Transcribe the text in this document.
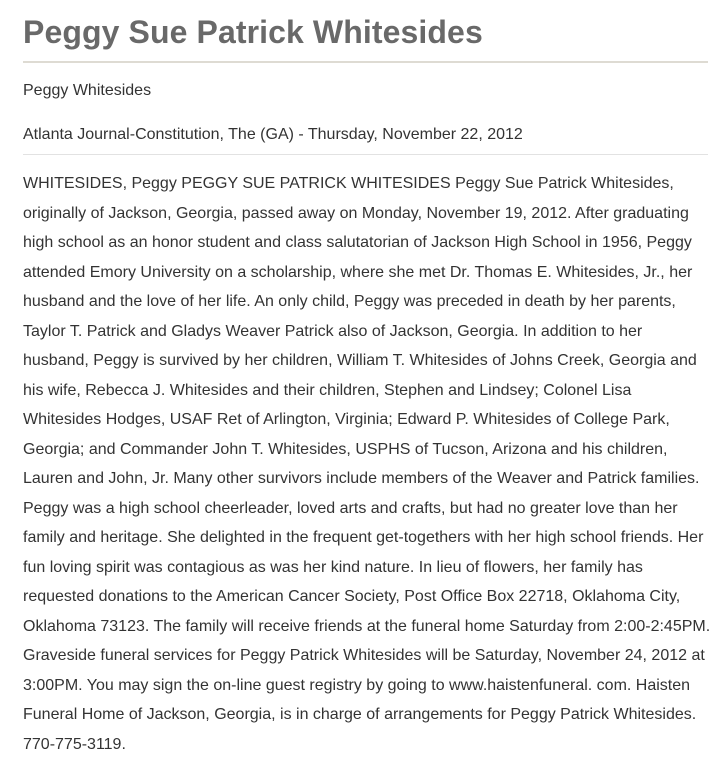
Peggy Sue Patrick Whitesides

Peggy Whitesides

Atlanta Journal-Constitution, The (GA) - Thursday, November 22, 2012

WHITESIDES, Peggy PEGGY SUE PATRICK WHITESIDES Peggy Sue Patrick Whitesides, originally of Jackson, Georgia, passed away on Monday, November 19, 2012. After graduating high school as an honor student and class salutatorian of Jackson High School in 1956, Peggy attended Emory University on a scholarship, where she met Dr. Thomas E. Whitesides, Jr., her husband and the love of her life. An only child, Peggy was preceded in death by her parents, Taylor T. Patrick and Gladys Weaver Patrick also of Jackson, Georgia. In addition to her husband, Peggy is survived by her children, William T. Whitesides of Johns Creek, Georgia and his wife, Rebecca J. Whitesides and their children, Stephen and Lindsey; Colonel Lisa Whitesides Hodges, USAF Ret of Arlington, Virginia; Edward P. Whitesides of College Park, Georgia; and Commander John T. Whitesides, USPHS of Tucson, Arizona and his children, Lauren and John, Jr. Many other survivors include members of the Weaver and Patrick families. Peggy was a high school cheerleader, loved arts and crafts, but had no greater love than her family and heritage. She delighted in the frequent get-togethers with her high school friends. Her fun loving spirit was contagious as was her kind nature. In lieu of flowers, her family has requested donations to the American Cancer Society, Post Office Box 22718, Oklahoma City, Oklahoma 73123. The family will receive friends at the funeral home Saturday from 2:00-2:45PM. Graveside funeral services for Peggy Patrick Whitesides will be Saturday, November 24, 2012 at 3:00PM. You may sign the on-line guest registry by going to www.haistenfuneral. com. Haisten Funeral Home of Jackson, Georgia, is in charge of arrangements for Peggy Patrick Whitesides. 770-775-3119.
